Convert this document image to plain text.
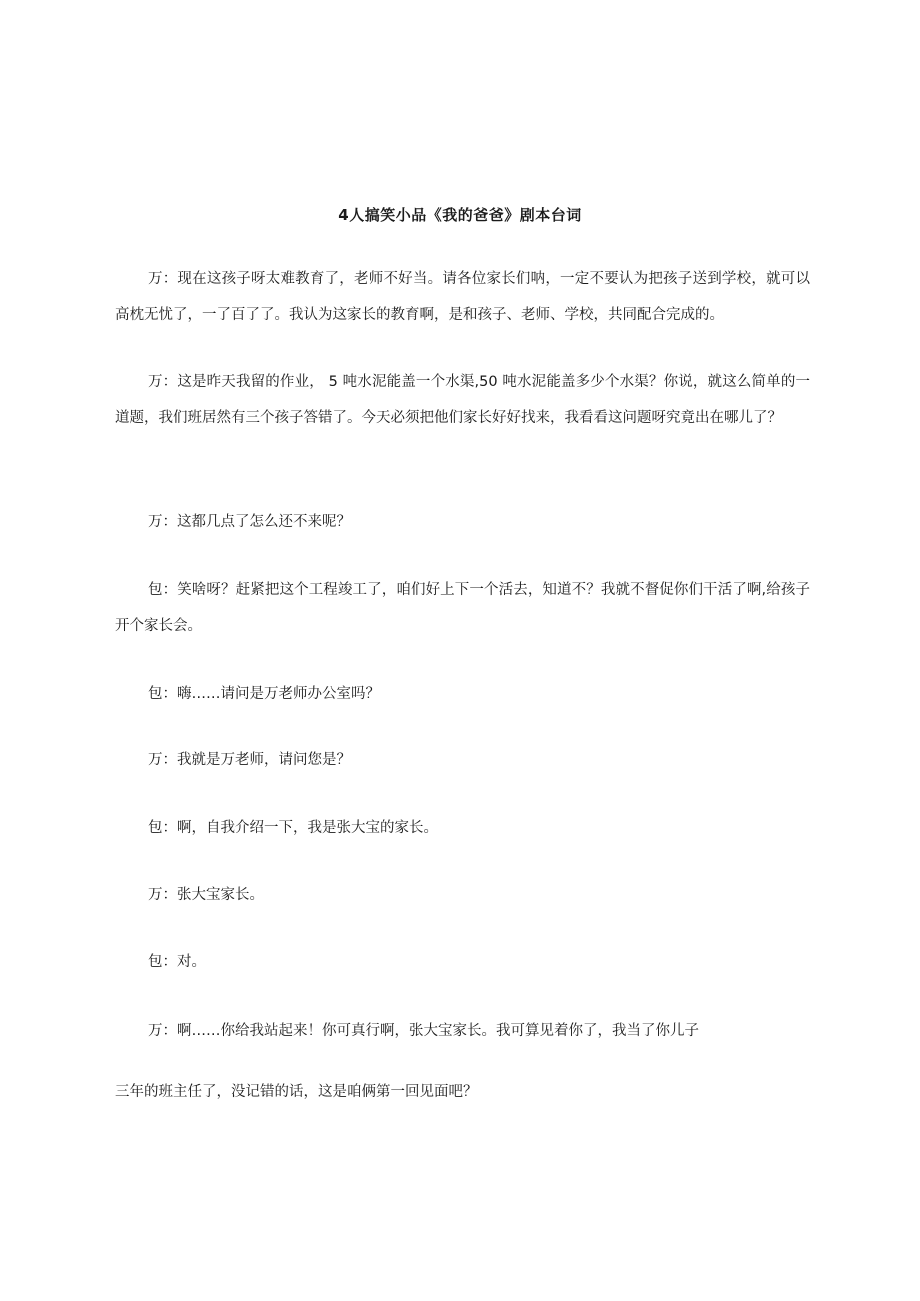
4人搞笑小品《我的爸爸》剧本台词

万：现在这孩子呀太难教育了，老师不好当。请各位家长们呐，一定不要认为把孩子送到学校，就可以高枕无忧了，一了百了了。我认为这家长的教育啊，是和孩子、老师、学校，共同配合完成的。

万：这是昨天我留的作业， 5 吨水泥能盖一个水渠,50 吨水泥能盖多少个水渠？你说，就这么简单的一道题，我们班居然有三个孩子答错了。今天必须把他们家长好好找来，我看看这问题呀究竟出在哪儿了？

万：这都几点了怎么还不来呢？

包：笑啥呀？赶紧把这个工程竣工了，咱们好上下一个活去，知道不？我就不督促你们干活了啊,给孩子开个家长会。

包：嗨……请问是万老师办公室吗？

万：我就是万老师，请问您是？

包：啊，自我介绍一下，我是张大宝的家长。

万：张大宝家长。

包：对。

万：啊……你给我站起来！你可真行啊，张大宝家长。我可算见着你了，我当了你儿子

三年的班主任了，没记错的话，这是咱俩第一回见面吧？
